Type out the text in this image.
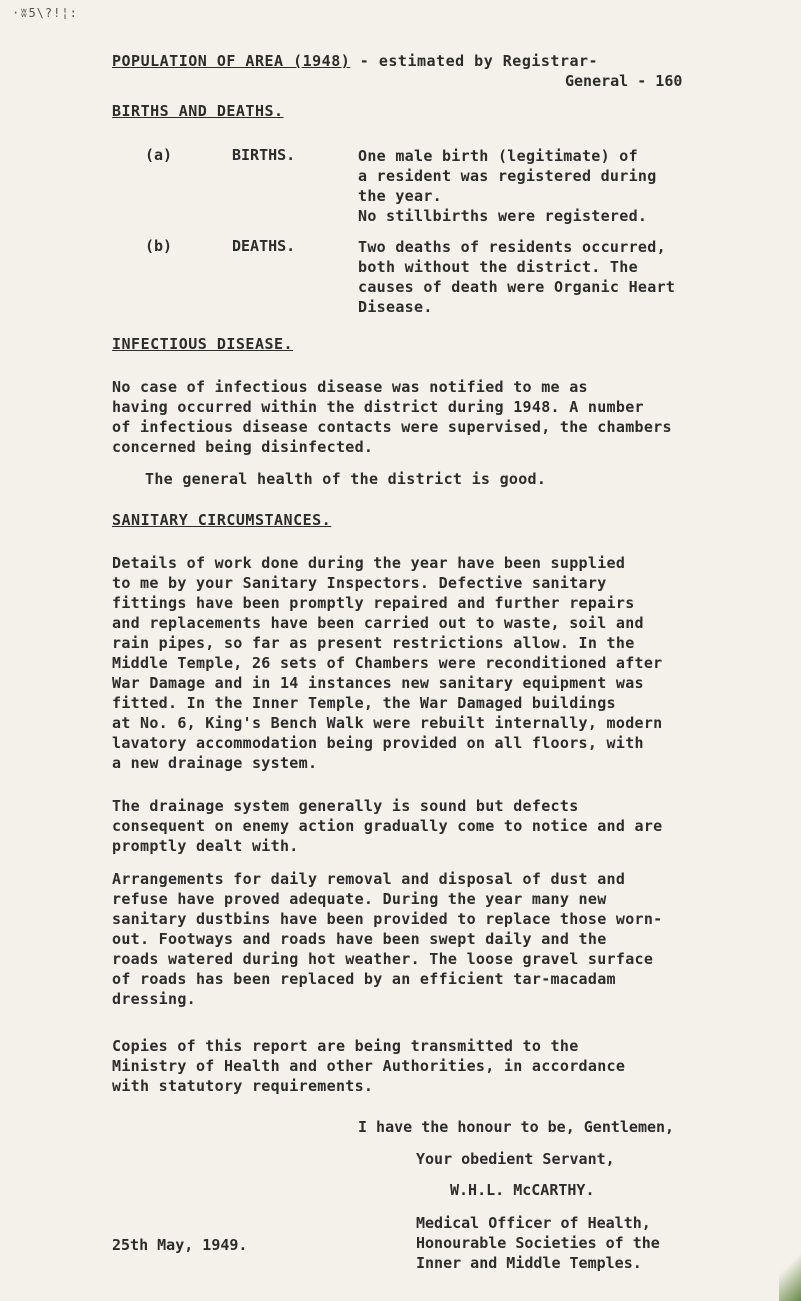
·ʬ5\?!¦:
POPULATION OF AREA (1948) - estimated by Registrar-
General - 160
BIRTHS AND DEATHS.
(a)	BIRTHS.	One male birth (legitimate) of
a resident was registered during
the year.
No stillbirths were registered.
(b)	DEATHS.	Two deaths of residents occurred,
both without the district. The
causes of death were Organic Heart
Disease.
INFECTIOUS DISEASE.
No case of infectious disease was notified to me as
having occurred within the district during 1948. A number
of infectious disease contacts were supervised, the chambers
concerned being disinfected.
The general health of the district is good.
SANITARY CIRCUMSTANCES.
Details of work done during the year have been supplied
to me by your Sanitary Inspectors. Defective sanitary
fittings have been promptly repaired and further repairs
and replacements have been carried out to waste, soil and
rain pipes, so far as present restrictions allow. In the
Middle Temple, 26 sets of Chambers were reconditioned after
War Damage and in 14 instances new sanitary equipment was
fitted. In the Inner Temple, the War Damaged buildings
at No. 6, King's Bench Walk were rebuilt internally, modern
lavatory accommodation being provided on all floors, with
a new drainage system.
The drainage system generally is sound but defects
consequent on enemy action gradually come to notice and are
promptly dealt with.
Arrangements for daily removal and disposal of dust and
refuse have proved adequate. During the year many new
sanitary dustbins have been provided to replace those worn-
out. Footways and roads have been swept daily and the
roads watered during hot weather. The loose gravel surface
of roads has been replaced by an efficient tar-macadam
dressing.
Copies of this report are being transmitted to the
Ministry of Health and other Authorities, in accordance
with statutory requirements.
I have the honour to be, Gentlemen,
Your obedient Servant,
W.H.L. McCARTHY.
Medical Officer of Health,
Honourable Societies of the
Inner and Middle Temples.
25th May, 1949.
